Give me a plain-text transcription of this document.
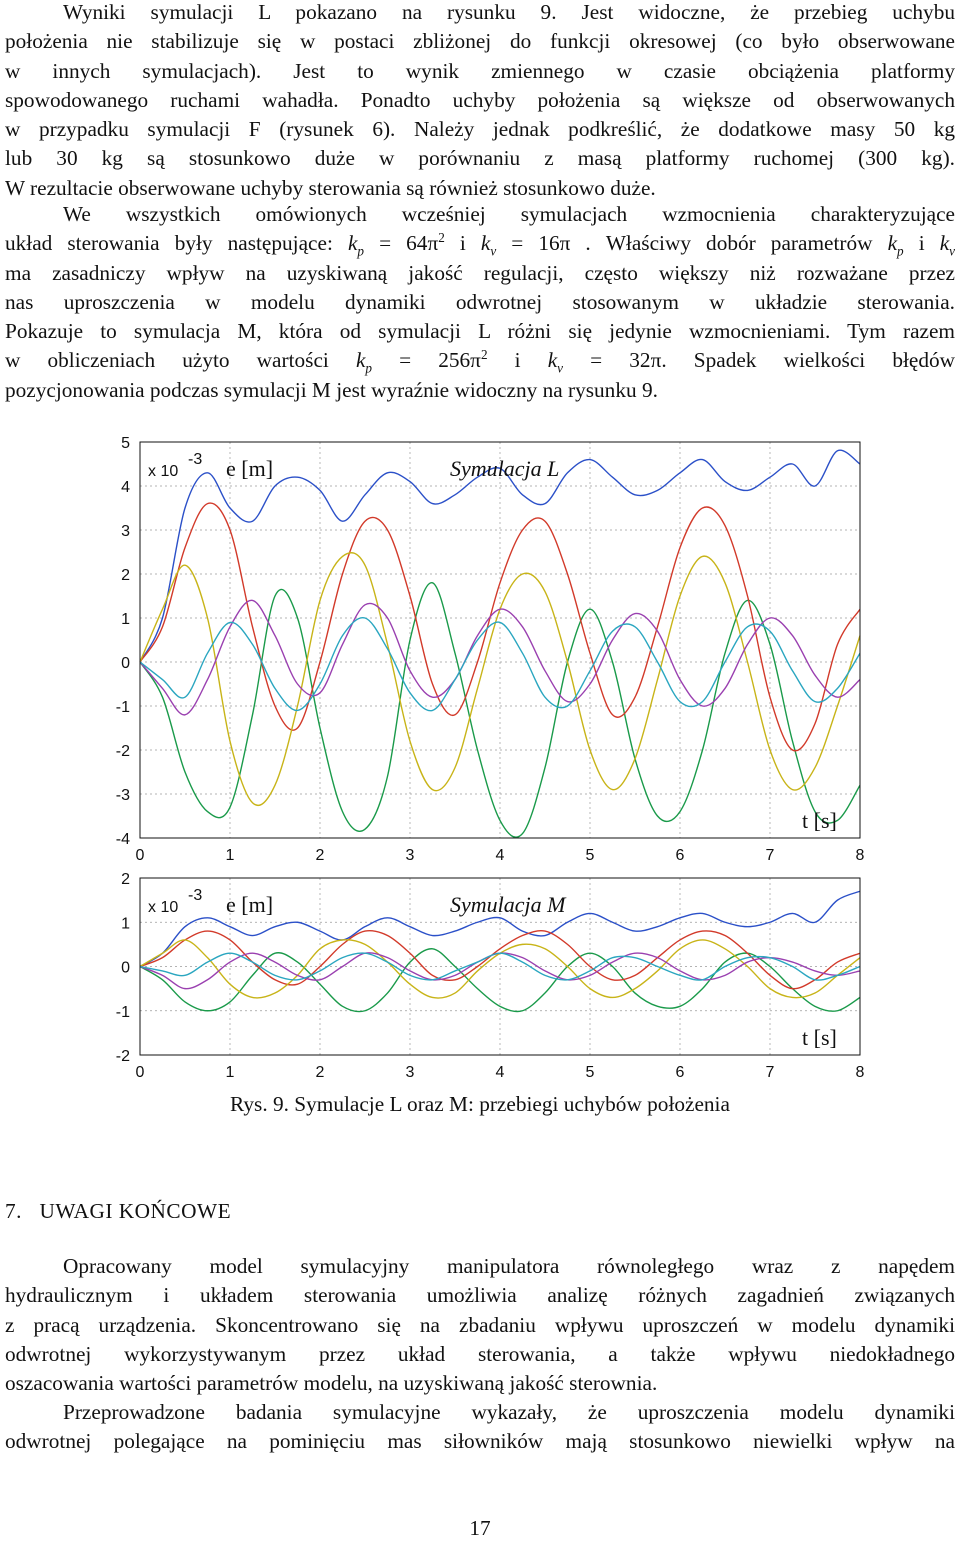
Wyniki symulacji L pokazano na rysunku 9. Jest widoczne, że przebieg uchybu
położenia nie stabilizuje się w postaci zbliżonej do funkcji okresowej (co było obserwowane
w innych symulacjach). Jest to wynik zmiennego w czasie obciążenia platformy
spowodowanego ruchami wahadła. Ponadto uchyby położenia są większe od obserwowanych
w przypadku symulacji F (rysunek 6). Należy jednak podkreślić, że dodatkowe masy 50 kg
lub 30 kg są stosunkowo duże w porównaniu z masą platformy ruchomej (300 kg).
W rezultacie obserwowane uchyby sterowania są również stosunkowo duże.
We wszystkich omówionych wcześniej symulacjach wzmocnienia charakteryzujące
układ sterowania były następujące: $k_p = 64\pi^2$ i $k_v = 16\pi$ . Właściwy dobór parametrów $k_p$ i $k_v$
ma zasadniczy wpływ na uzyskiwaną jakość regulacji, często większy niż rozważane przez
nas uproszczenia w modelu dynamiki odwrotnej stosowanym w układzie sterowania.
Pokazuje to symulacja M, która od symulacji L różni się jedynie wzmocnieniami. Tym razem
w obliczeniach użyto wartości $k_p = 256\pi^2$ i $k_v = 32\pi$. Spadek wielkości błędów
pozycjonowania podczas symulacji M jest wyraźnie widoczny na rysunku 9.
5
4
3
2
1
0
-1
-2
-3
-4
0	1	2	3	4	5	6	7	8
x 10
-3 e [m]	Symulacja L
t [s]
2
1
0
-1
-2
0	1	2	3	4	5	6	7	8
x 10
-3 e [m]	Symulacja M
t [s]
Rys. 9. Symulacje L oraz M: przebiegi uchybów położenia
7.   UWAGI KOŃCOWE
Opracowany model symulacyjny manipulatora równoległego wraz z napędem
hydraulicznym i układem sterowania umożliwia analizę różnych zagadnień związanych
z pracą urządzenia. Skoncentrowano się na zbadaniu wpływu uproszczeń w modelu dynamiki
odwrotnej wykorzystywanym przez układ sterowania, a także wpływu niedokładnego
oszacowania wartości parametrów modelu, na uzyskiwaną jakość sterownia.
Przeprowadzone badania symulacyjne wykazały, że uproszczenia modelu dynamiki
odwrotnej polegające na pominięciu mas siłowników mają stosunkowo niewielki wpływ na
17
